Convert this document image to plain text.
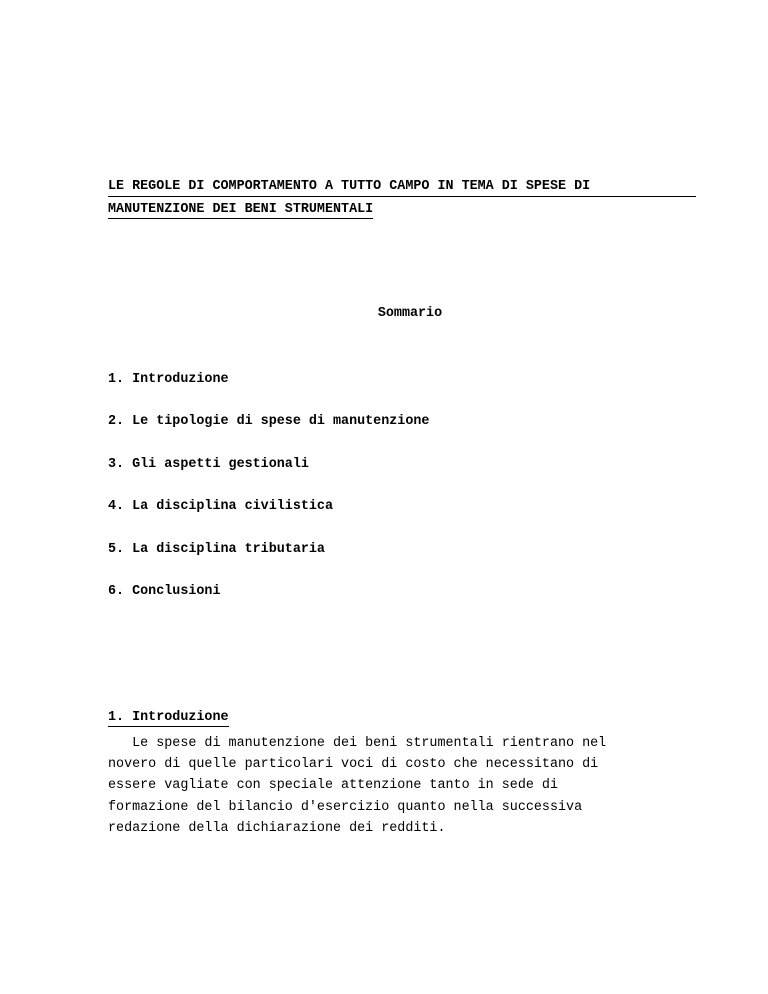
LE REGOLE DI COMPORTAMENTO A TUTTO CAMPO IN TEMA DI SPESE DI
MANUTENZIONE DEI BENI STRUMENTALI

Sommario

1. Introduzione
2. Le tipologie di spese di manutenzione
3. Gli aspetti gestionali
4. La disciplina civilistica
5. La disciplina tributaria
6. Conclusioni
1. Introduzione
Le spese di manutenzione dei beni strumentali rientrano nel
novero di quelle particolari voci di costo che necessitano di
essere vagliate con speciale attenzione tanto in sede di
formazione del bilancio d'esercizio quanto nella successiva
redazione della dichiarazione dei redditi.
